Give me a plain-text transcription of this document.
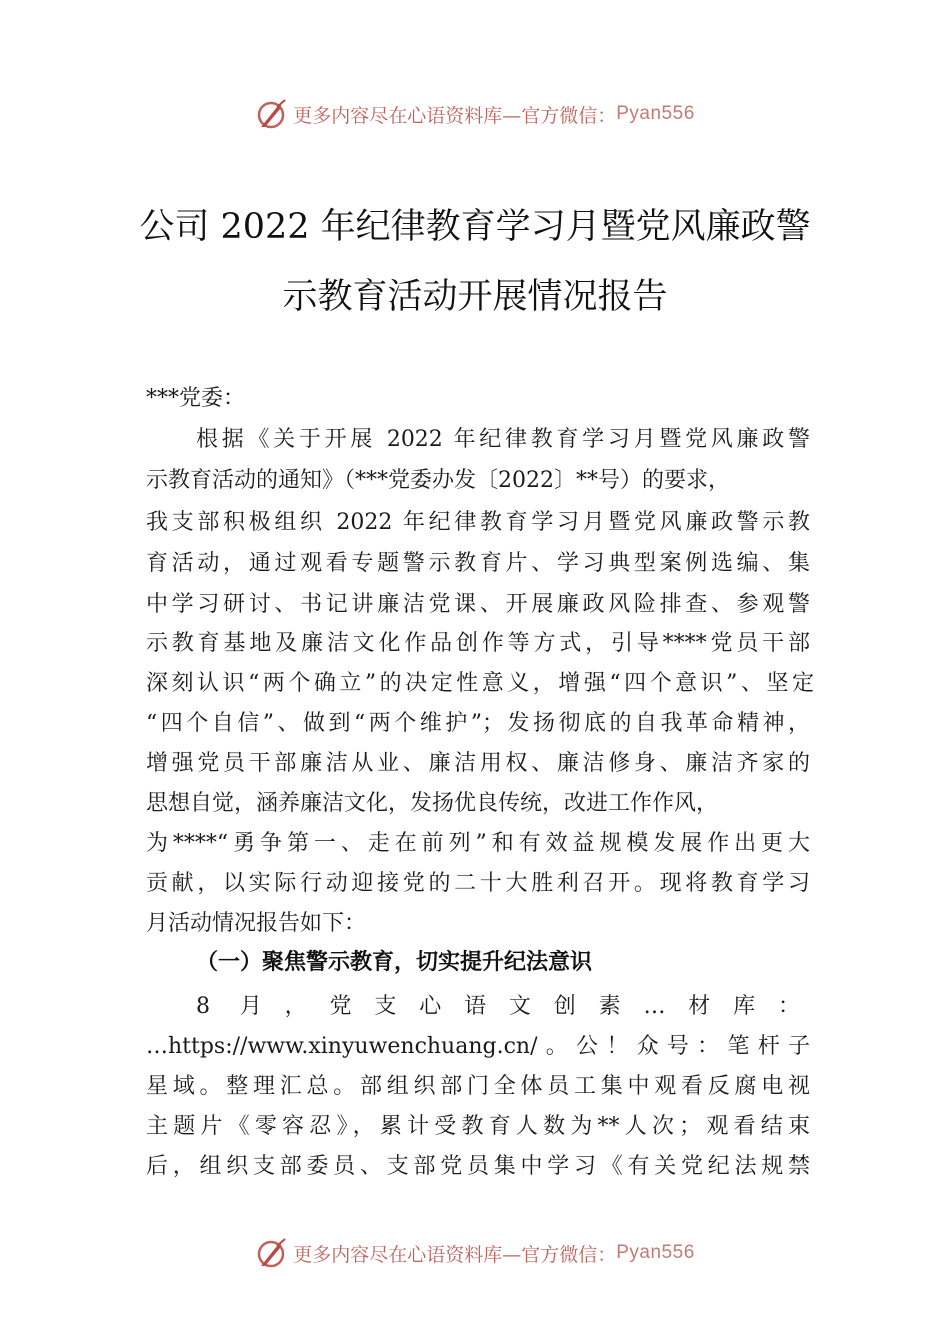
更多内容尽在心语资料库—官方微信： Pyan556
公司 2022 年纪律教育学习月暨党风廉政警
示教育活动开展情况报告
***党委：
根据《关于开展 2022 年纪律教育学习月暨党风廉政警
示教育活动的通知》（***党委办发〔2022〕**号）的要求，
我支部积极组织 2022 年纪律教育学习月暨党风廉政警示教
育活动，通过观看专题警示教育片、学习典型案例选编、集
中学习研讨、书记讲廉洁党课、开展廉政风险排查、参观警
示教育基地及廉洁文化作品创作等方式，引导****党员干部
深刻认识“两个确立”的决定性意义，增强“四个意识”、坚定
“四个自信”、做到“两个维护”；发扬彻底的自我革命精神，
增强党员干部廉洁从业、廉洁用权、廉洁修身、廉洁齐家的
思想自觉，涵养廉洁文化，发扬优良传统，改进工作作风，
为****“勇争第一、走在前列”和有效益规模发展作出更大
贡献，以实际行动迎接党的二十大胜利召开。现将教育学习
月活动情况报告如下：
（一）聚焦警示教育，切实提升纪法意识
8 月，党支心语文创素…材库：
…https://www.xinyuwenchuang.cn/。公！众号：笔杆子
星域。整理汇总。部组织部门全体员工集中观看反腐电视
主题片《零容忍》，累计受教育人数为**人次；观看结束
后，组织支部委员、支部党员集中学习《有关党纪法规禁
更多内容尽在心语资料库—官方微信： Pyan556
